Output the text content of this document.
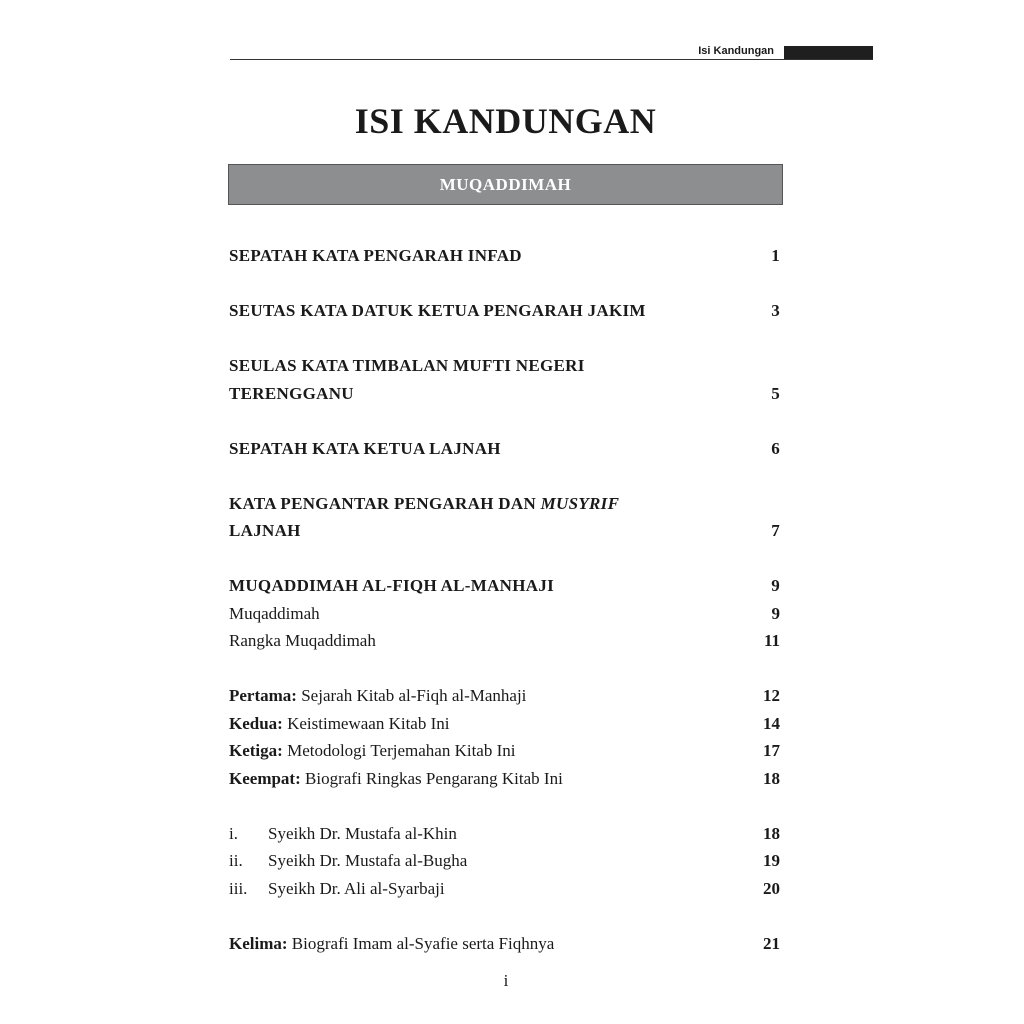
Isi Kandungan
ISI KANDUNGAN
MUQADDIMAH
SEPATAH KATA PENGARAH INFAD	1
SEUTAS KATA DATUK KETUA PENGARAH JAKIM	3
SEULAS KATA TIMBALAN MUFTI NEGERI
TERENGGANU	5
SEPATAH KATA KETUA LAJNAH	6
KATA PENGANTAR PENGARAH DAN MUSYRIF
LAJNAH	7
MUQADDIMAH AL-FIQH AL-MANHAJI	9
Muqaddimah	9
Rangka Muqaddimah	11
Pertama: Sejarah Kitab al-Fiqh al-Manhaji	12
Kedua: Keistimewaan Kitab Ini	14
Ketiga: Metodologi Terjemahan Kitab Ini	17
Keempat: Biografi Ringkas Pengarang Kitab Ini	18
i. Syeikh Dr. Mustafa al-Khin	18
ii. Syeikh Dr. Mustafa al-Bugha	19
iii. Syeikh Dr. Ali al-Syarbaji	20
Kelima: Biografi Imam al-Syafie serta Fiqhnya	21
i
